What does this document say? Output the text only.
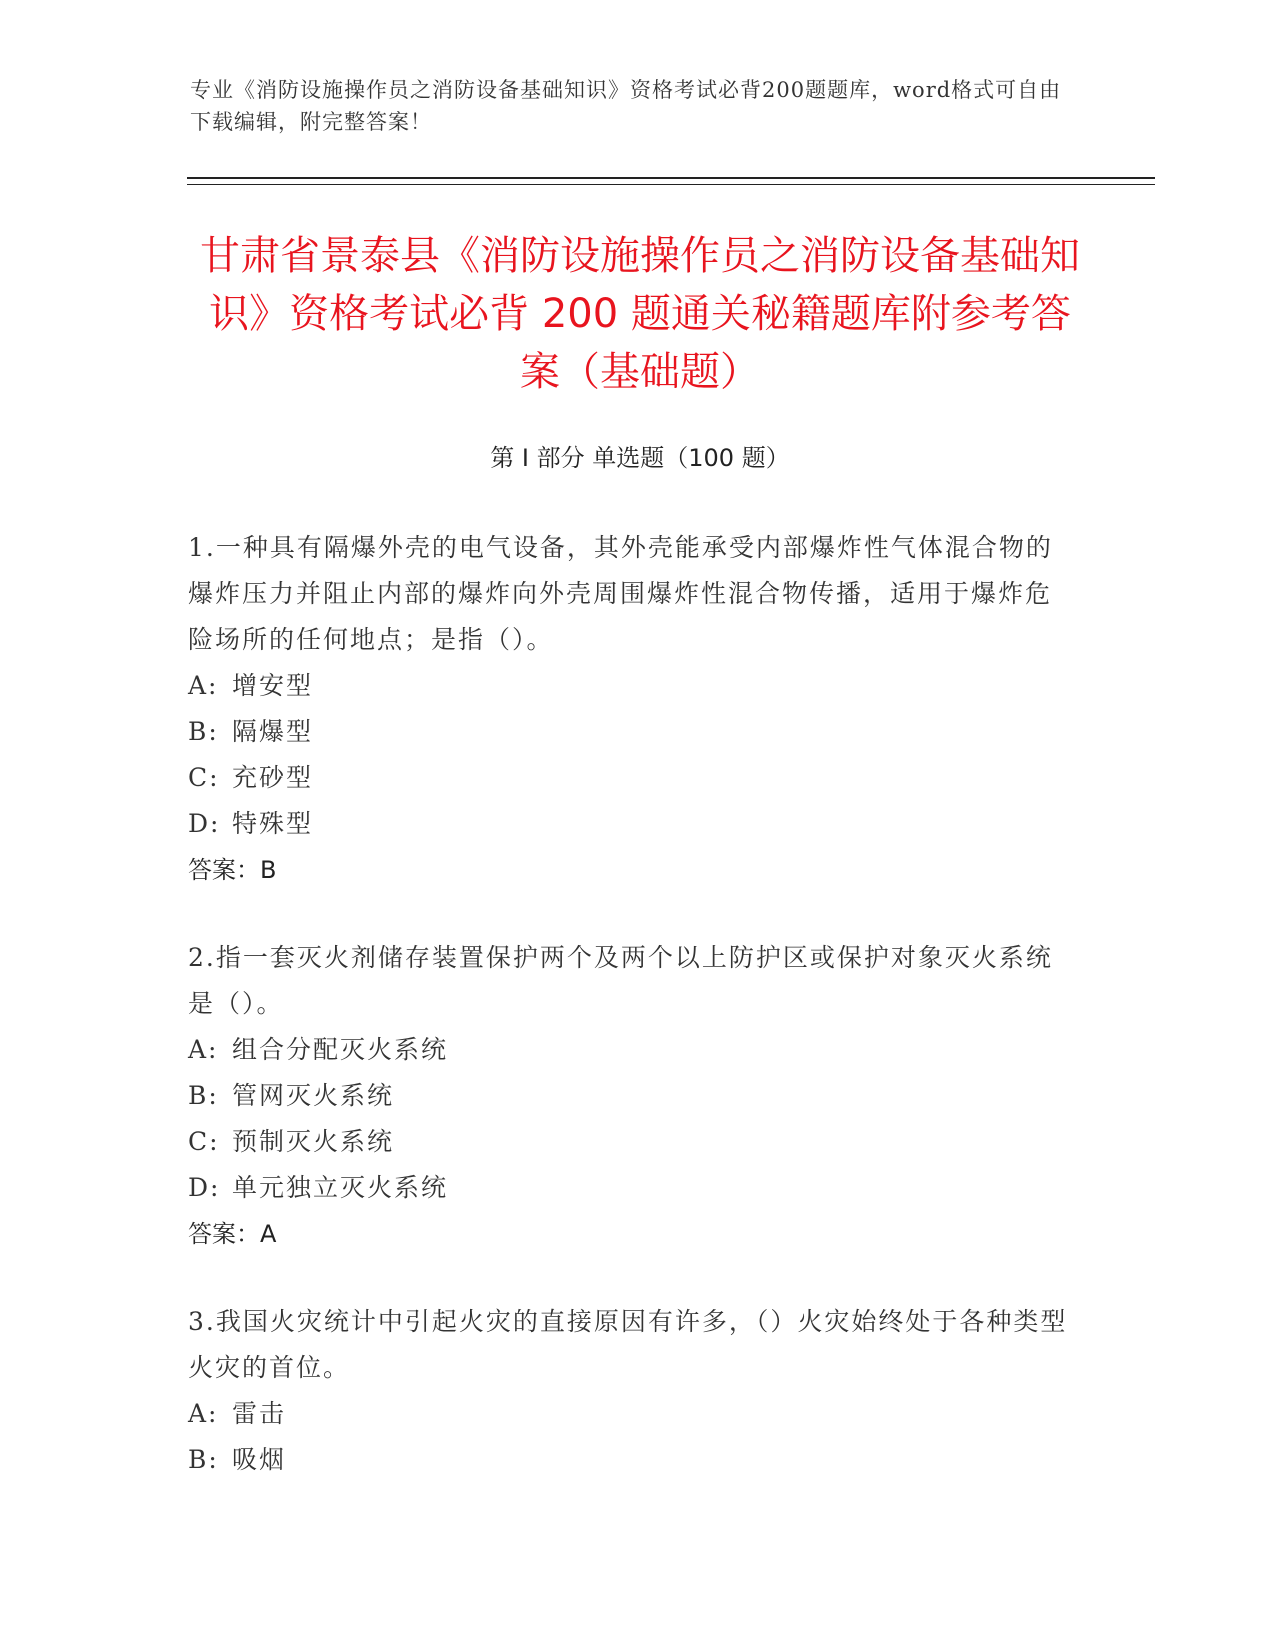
专业《消防设施操作员之消防设备基础知识》资格考试必背200题题库，word格式可自由下载编辑，附完整答案！
甘肃省景泰县《消防设施操作员之消防设备基础知识》资格考试必背 200 题通关秘籍题库附参考答案（基础题）
第 I 部分 单选题（100 题）
1.一种具有隔爆外壳的电气设备，其外壳能承受内部爆炸性气体混合物的爆炸压力并阻止内部的爆炸向外壳周围爆炸性混合物传播，适用于爆炸危险场所的任何地点；是指（）。
A: 增安型
B: 隔爆型
C: 充砂型
D: 特殊型
答案：B
2.指一套灭火剂储存装置保护两个及两个以上防护区或保护对象灭火系统是（）。
A: 组合分配灭火系统
B: 管网灭火系统
C: 预制灭火系统
D: 单元独立灭火系统
答案：A
3.我国火灾统计中引起火灾的直接原因有许多，（）火灾始终处于各种类型火灾的首位。
A: 雷击
B: 吸烟
